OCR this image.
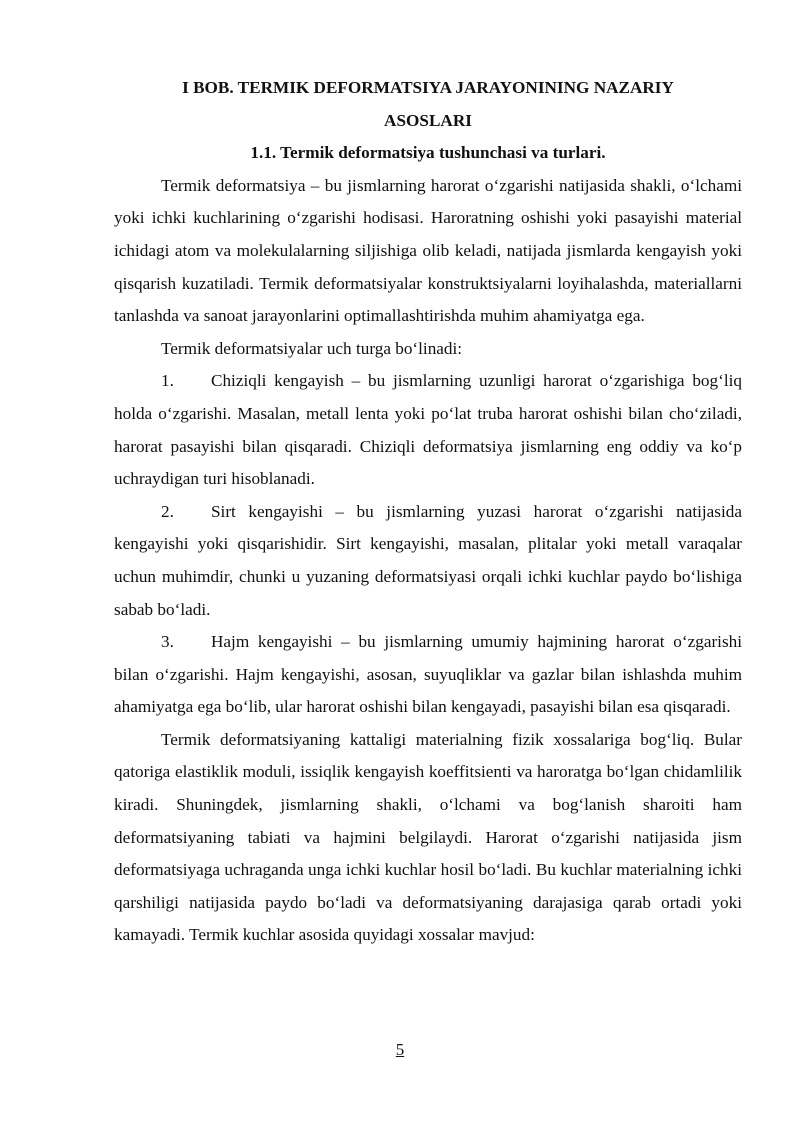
I BOB. TERMIK DEFORMATSIYA JARAYONINING NAZARIY
ASOSLARI

1.1. Termik deformatsiya tushunchasi va turlari.

Termik deformatsiya – bu jismlarning harorat o‘zgarishi natijasida shakli, o‘lchami yoki ichki kuchlarining o‘zgarishi hodisasi. Haroratning oshishi yoki pasayishi material ichidagi atom va molekulalarning siljishiga olib keladi, natijada jismlarda kengayish yoki qisqarish kuzatiladi. Termik deformatsiyalar konstruktsiyalarni loyihalashda, materiallarni tanlashda va sanoat jarayonlarini optimallashtirishda muhim ahamiyatga ega.

Termik deformatsiyalar uch turga bo‘linadi:

1. Chiziqli kengayish – bu jismlarning uzunligi harorat o‘zgarishiga bog‘liq holda o‘zgarishi. Masalan, metall lenta yoki po‘lat truba harorat oshishi bilan cho‘ziladi, harorat pasayishi bilan qisqaradi. Chiziqli deformatsiya jismlarning eng oddiy va ko‘p uchraydigan turi hisoblanadi.

2. Sirt kengayishi – bu jismlarning yuzasi harorat o‘zgarishi natijasida kengayishi yoki qisqarishidir. Sirt kengayishi, masalan, plitalar yoki metall varaqalar uchun muhimdir, chunki u yuzaning deformatsiyasi orqali ichki kuchlar paydo bo‘lishiga sabab bo‘ladi.

3. Hajm kengayishi – bu jismlarning umumiy hajmining harorat o‘zgarishi bilan o‘zgarishi. Hajm kengayishi, asosan, suyuqliklar va gazlar bilan ishlashda muhim ahamiyatga ega bo‘lib, ular harorat oshishi bilan kengayadi, pasayishi bilan esa qisqaradi.

Termik deformatsiyaning kattaligi materialning fizik xossalariga bog‘liq. Bular qatoriga elastiklik moduli, issiqlik kengayish koeffitsienti va haroratga bo‘lgan chidamlilik kiradi. Shuningdek, jismlarning shakli, o‘lchami va bog‘lanish sharoiti ham deformatsiyaning tabiati va hajmini belgilaydi. Harorat o‘zgarishi natijasida jism deformatsiyaga uchraganda unga ichki kuchlar hosil bo‘ladi. Bu kuchlar materialning ichki qarshiligi natijasida paydo bo‘ladi va deformatsiyaning darajasiga qarab ortadi yoki kamayadi. Termik kuchlar asosida quyidagi xossalar mavjud:

5
